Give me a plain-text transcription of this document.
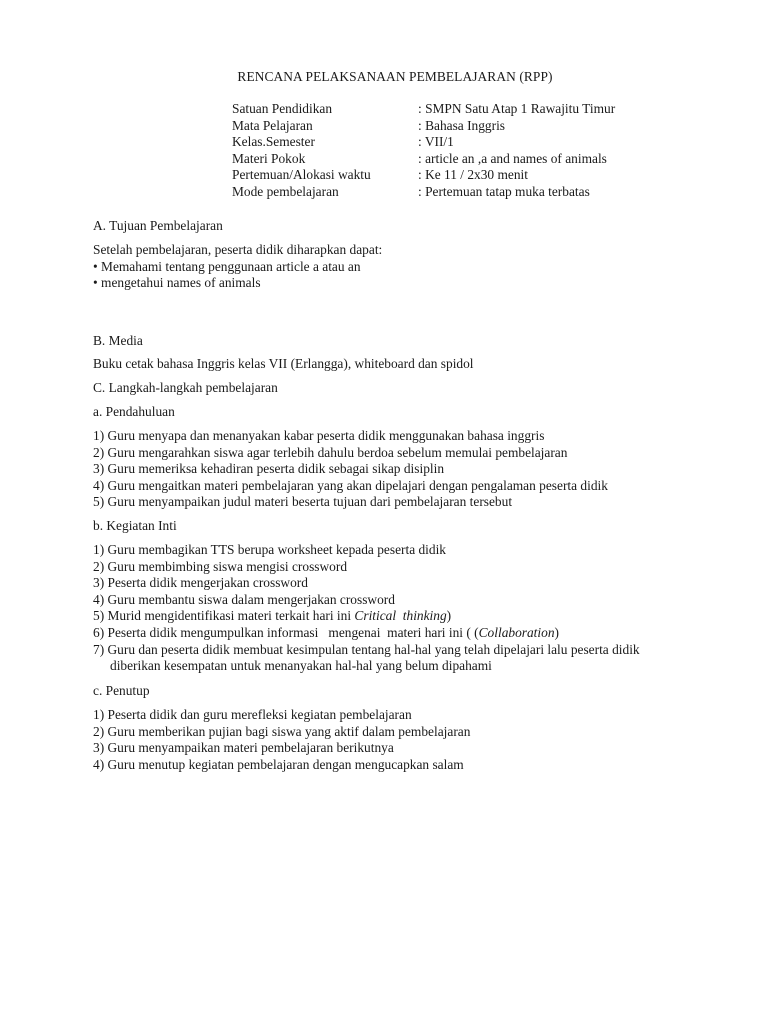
RENCANA PELAKSANAAN PEMBELAJARAN (RPP)
Satuan Pendidikan	: SMPN Satu Atap 1 Rawajitu Timur
Mata Pelajaran	: Bahasa Inggris
Kelas.Semester	: VII/1
Materi Pokok	: article an ,a and names of animals
Pertemuan/Alokasi waktu	: Ke 11 / 2x30 menit
Mode pembelajaran	: Pertemuan tatap muka terbatas
A. Tujuan Pembelajaran
Setelah pembelajaran, peserta didik diharapkan dapat:
• Memahami tentang penggunaan article a atau an
• mengetahui names of animals
B. Media
Buku cetak bahasa Inggris kelas VII (Erlangga), whiteboard dan spidol
C. Langkah-langkah pembelajaran
a. Pendahuluan
1) Guru menyapa dan menanyakan kabar peserta didik menggunakan bahasa inggris
2) Guru mengarahkan siswa agar terlebih dahulu berdoa sebelum memulai pembelajaran
3) Guru memeriksa kehadiran peserta didik sebagai sikap disiplin
4) Guru mengaitkan materi pembelajaran yang akan dipelajari dengan pengalaman peserta didik
5) Guru menyampaikan judul materi beserta tujuan dari pembelajaran tersebut
b. Kegiatan Inti
1) Guru membagikan TTS berupa worksheet kepada peserta didik
2) Guru membimbing siswa mengisi crossword
3) Peserta didik mengerjakan crossword
4) Guru membantu siswa dalam mengerjakan crossword
5) Murid mengidentifikasi materi terkait hari ini Critical  thinking)
6) Peserta didik mengumpulkan informasi   mengenai  materi hari ini ( (Collaboration)
7) Guru dan peserta didik membuat kesimpulan tentang hal-hal yang telah dipelajari lalu peserta didik
diberikan kesempatan untuk menanyakan hal-hal yang belum dipahami
c. Penutup
1) Peserta didik dan guru merefleksi kegiatan pembelajaran
2) Guru memberikan pujian bagi siswa yang aktif dalam pembelajaran
3) Guru menyampaikan materi pembelajaran berikutnya
4) Guru menutup kegiatan pembelajaran dengan mengucapkan salam
